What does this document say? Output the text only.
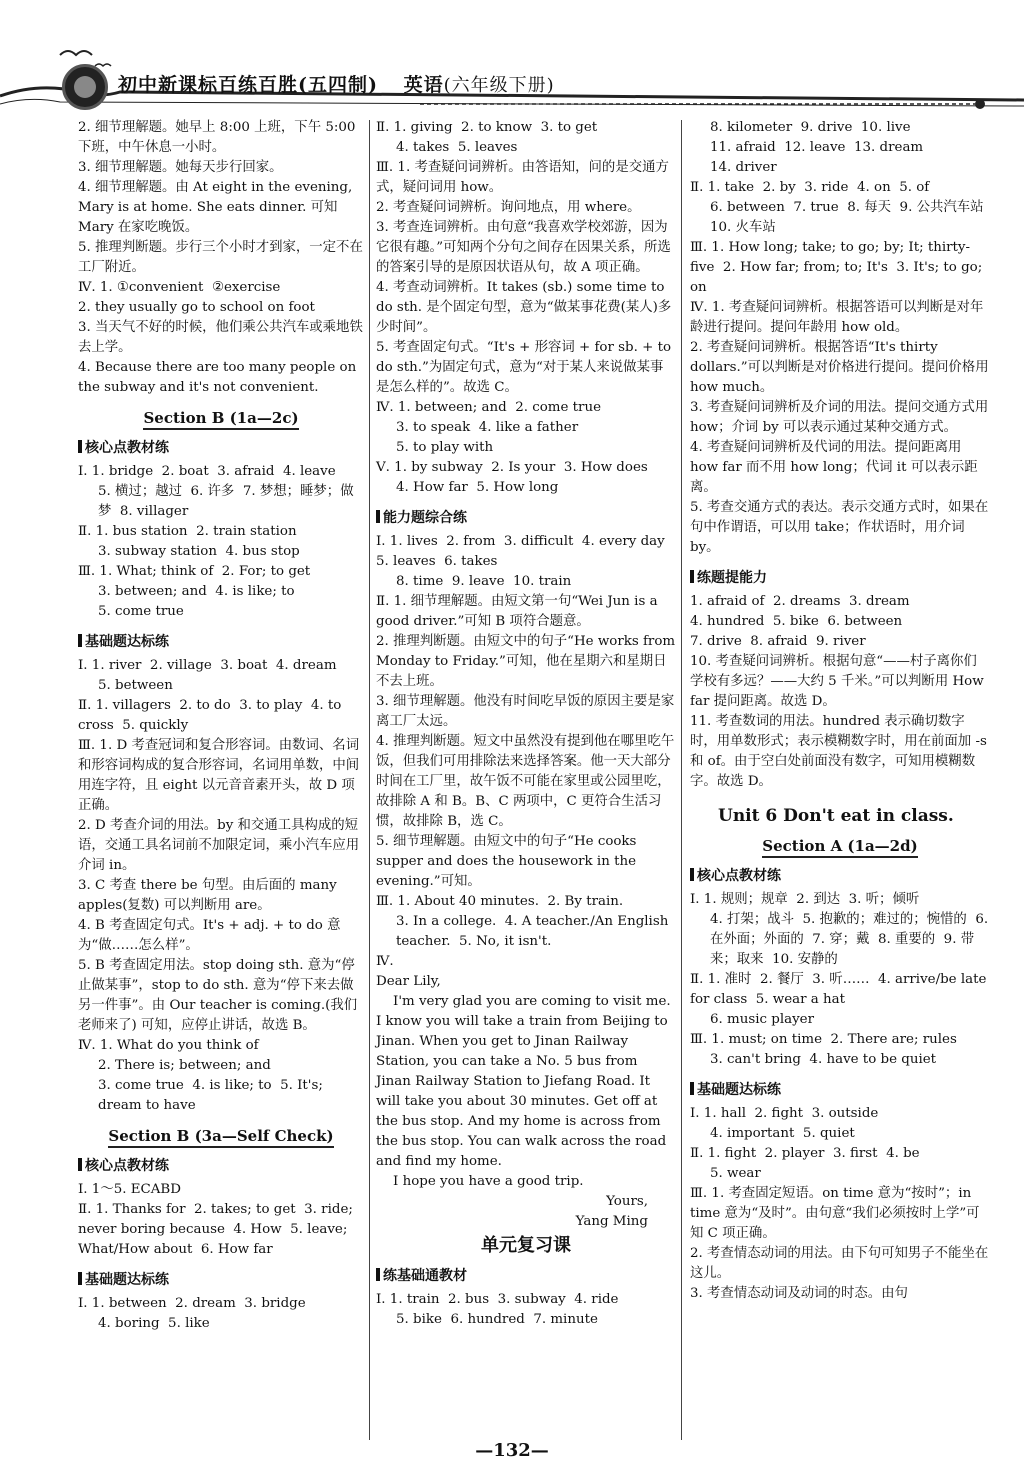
初中新课标百练百胜(五四制) 英语(六年级下册)
2. 细节理解题。她早上 8:00 上班，下午 5:00 下班，中午休息一小时。
3. 细节理解题。她每天步行回家。
4. 细节理解题。由 At eight in the evening, Mary is at home. She eats dinner. 可知 Mary 在家吃晚饭。
5. 推理判断题。步行三个小时才到家，一定不在工厂附近。
Ⅳ. 1. ①convenient  ②exercise
2. they usually go to school on foot
3. 当天气不好的时候，他们乘公共汽车或乘地铁去上学。
4. Because there are too many people on the subway and it's not convenient.
Section B (1a—2c)
核心点教材练
Ⅰ. 1. bridge  2. boat  3. afraid  4. leave
5. 横过；越过  6. 许多  7. 梦想；睡梦；做梦  8. villager
Ⅱ. 1. bus station  2. train station
3. subway station  4. bus stop
Ⅲ. 1. What; think of  2. For; to get
3. between; and  4. is like; to
5. come true
基础题达标练
Ⅰ. 1. river  2. village  3. boat  4. dream
5. between
Ⅱ. 1. villagers  2. to do  3. to play  4. to cross  5. quickly
Ⅲ. 1. D 考查冠词和复合形容词。由数词、名词和形容词构成的复合形容词，名词用单数，中间用连字符，且 eight 以元音音素开头，故 D 项正确。
2. D 考查介词的用法。by 和交通工具构成的短语，交通工具名词前不加限定词，乘小汽车应用介词 in。
3. C 考查 there be 句型。由后面的 many apples(复数) 可以判断用 are。
4. B 考查固定句式。It's + adj. + to do 意为“做……怎么样”。
5. B 考查固定用法。stop doing sth. 意为“停止做某事”，stop to do sth. 意为“停下来去做另一件事”。由 Our teacher is coming.(我们老师来了) 可知，应停止讲话，故选 B。
Ⅳ. 1. What do you think of
2. There is; between; and
3. come true  4. is like; to  5. It's; dream to have
Section B (3a—Self Check)
核心点教材练
Ⅰ. 1～5. ECABD
Ⅱ. 1. Thanks for  2. takes; to get  3. ride; never boring because  4. How  5. leave; What/How about  6. How far
基础题达标练
Ⅰ. 1. between  2. dream  3. bridge
4. boring  5. like
Ⅱ. 1. giving  2. to know  3. to get
4. takes  5. leaves
Ⅲ. 1. 考查疑问词辨析。由答语知，问的是交通方式，疑问词用 how。
2. 考查疑问词辨析。询问地点，用 where。
3. 考查连词辨析。由句意“我喜欢学校郊游，因为它很有趣。”可知两个分句之间存在因果关系，所选的答案引导的是原因状语从句，故 A 项正确。
4. 考查动词辨析。It takes (sb.) some time to do sth. 是个固定句型，意为“做某事花费(某人)多少时间”。
5. 考查固定句式。“It's + 形容词 + for sb. + to do sth.”为固定句式，意为“对于某人来说做某事是怎么样的”。故选 C。
Ⅳ. 1. between; and  2. come true
3. to speak  4. like a father
5. to play with
Ⅴ. 1. by subway  2. Is your  3. How does
4. How far  5. How long
能力题综合练
Ⅰ. 1. lives  2. from  3. difficult  4. every day  5. leaves  6. takes
8. time  9. leave  10. train
Ⅱ. 1. 细节理解题。由短文第一句“Wei Jun is a good driver.”可知 B 项符合题意。
2. 推理判断题。由短文中的句子“He works from Monday to Friday.”可知，他在星期六和星期日不去上班。
3. 细节理解题。他没有时间吃早饭的原因主要是家离工厂太远。
4. 推理判断题。短文中虽然没有提到他在哪里吃午饭，但我们可用排除法来选择答案。他一天大部分时间在工厂里，故午饭不可能在家里或公园里吃，故排除 A 和 B。B、C 两项中，C 更符合生活习惯，故排除 B，选 C。
5. 细节理解题。由短文中的句子“He cooks supper and does the housework in the evening.”可知。
Ⅲ. 1. About 40 minutes.  2. By train.
3. In a college.  4. A teacher./An English teacher.  5. No, it isn't.
Ⅳ.
Dear Lily,
I'm very glad you are coming to visit me. I know you will take a train from Beijing to Jinan. When you get to Jinan Railway Station, you can take a No. 5 bus from Jinan Railway Station to Jiefang Road. It will take you about 30 minutes. Get off at the bus stop. And my home is across from the bus stop. You can walk across the road and find my home.
I hope you have a good trip.
Yours,
Yang Ming
单元复习课
练基础通教材
Ⅰ. 1. train  2. bus  3. subway  4. ride
5. bike  6. hundred  7. minute
8. kilometer  9. drive  10. live
11. afraid  12. leave  13. dream
14. driver
Ⅱ. 1. take  2. by  3. ride  4. on  5. of
6. between  7. true  8. 每天  9. 公共汽车站  10. 火车站
Ⅲ. 1. How long; take; to go; by; It; thirty-five  2. How far; from; to; It's  3. It's; to go; on
Ⅳ. 1. 考查疑问词辨析。根据答语可以判断是对年龄进行提问。提问年龄用 how old。
2. 考查疑问词辨析。根据答语“It's thirty dollars.”可以判断是对价格进行提问。提问价格用 how much。
3. 考查疑问词辨析及介词的用法。提问交通方式用 how；介词 by 可以表示通过某种交通方式。
4. 考查疑问词辨析及代词的用法。提问距离用 how far 而不用 how long；代词 it 可以表示距离。
5. 考查交通方式的表达。表示交通方式时，如果在句中作谓语，可以用 take；作状语时，用介词 by。
练题提能力
1. afraid of  2. dreams  3. dream
4. hundred  5. bike  6. between
7. drive  8. afraid  9. river
10. 考查疑问词辨析。根据句意“——村子离你们学校有多远？——大约 5 千米。”可以判断用 How far 提问距离。故选 D。
11. 考查数词的用法。hundred 表示确切数字时，用单数形式；表示模糊数字时，用在前面加 -s 和 of。由于空白处前面没有数字，可知用模糊数字。故选 D。
Unit 6 Don't eat in class.
Section A (1a—2d)
核心点教材练
Ⅰ. 1. 规则；规章  2. 到达  3. 听；倾听
4. 打架；战斗  5. 抱歉的；难过的；惋惜的  6. 在外面；外面的  7. 穿；戴  8. 重要的  9. 带来；取来  10. 安静的
Ⅱ. 1. 准时  2. 餐厅  3. 听……  4. arrive/be late for class  5. wear a hat
6. music player
Ⅲ. 1. must; on time  2. There are; rules
3. can't bring  4. have to be quiet
基础题达标练
Ⅰ. 1. hall  2. fight  3. outside
4. important  5. quiet
Ⅱ. 1. fight  2. player  3. first  4. be
5. wear
Ⅲ. 1. 考查固定短语。on time 意为“按时”；in time 意为“及时”。由句意“我们必须按时上学”可知 C 项正确。
2. 考查情态动词的用法。由下句可知男子不能坐在这儿。
3. 考查情态动词及动词的时态。由句
—132—
